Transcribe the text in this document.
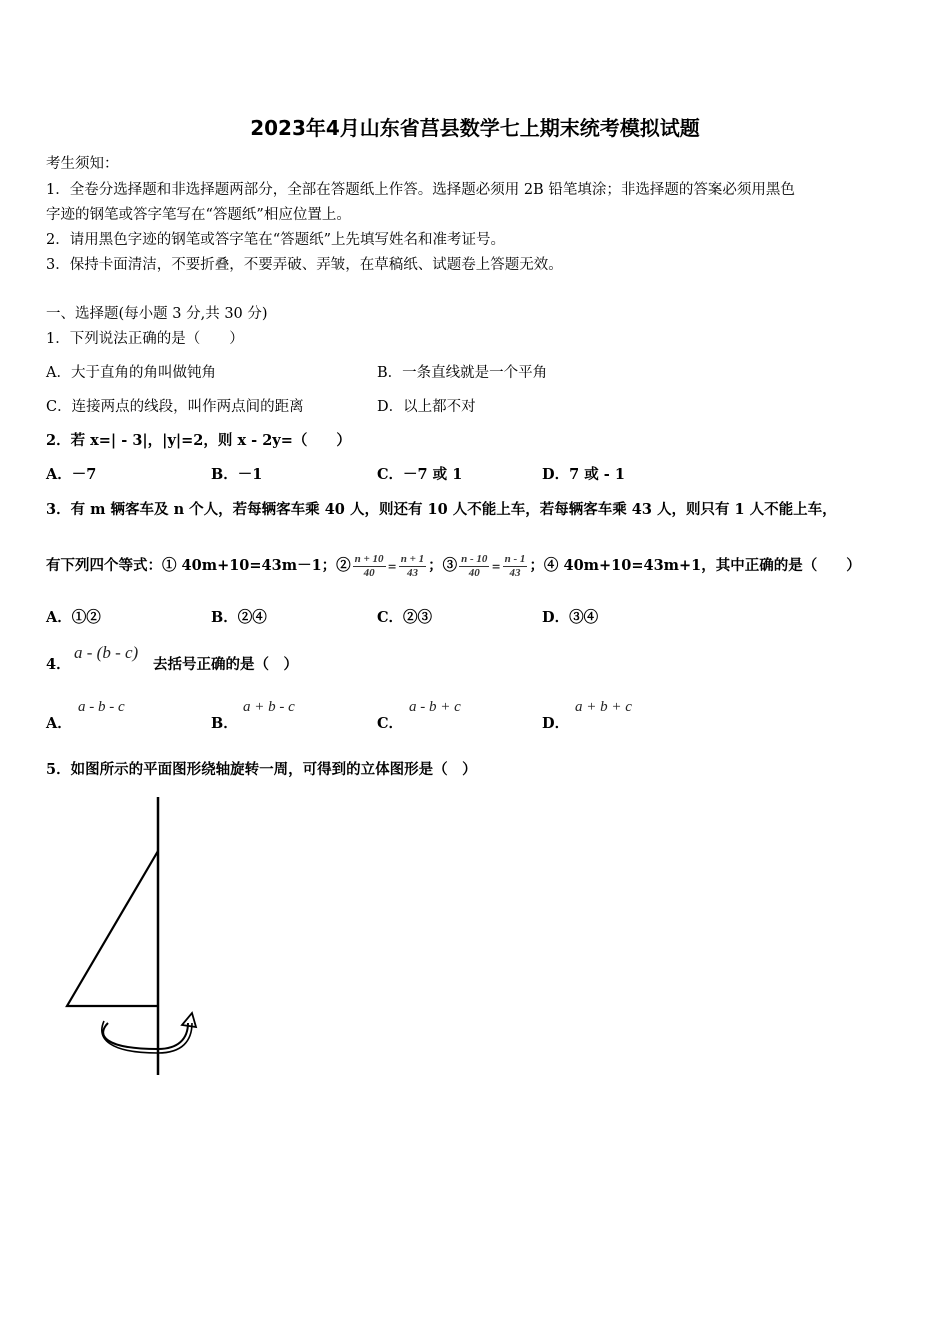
2023年4月山东省莒县数学七上期末统考模拟试题
考生须知：
1．全卷分选择题和非选择题两部分，全部在答题纸上作答。选择题必须用 2B 铅笔填涂；非选择题的答案必须用黑色
字迹的钢笔或答字笔写在“答题纸”相应位置上。
2．请用黑色字迹的钢笔或答字笔在“答题纸”上先填写姓名和准考证号。
3．保持卡面清洁，不要折叠，不要弄破、弄皱，在草稿纸、试题卷上答题无效。
一、选择题(每小题 3 分,共 30 分)
1．下列说法正确的是（　　）
A．大于直角的角叫做钝角	B．一条直线就是一个平角
C．连接两点的线段，叫作两点间的距离	D．以上都不对
2．若 x=| - 3|，|y|=2，则 x - 2y=（　　）
A．－7	B．－1	C．－7 或 1	D．7 或 - 1
3．有 m 辆客车及 n 个人，若每辆客车乘 40 人，则还有 10 人不能上车，若每辆客车乘 43 人，则只有 1 人不能上车，
有下列四个等式：① 40m+10=43m－1；② $\frac{n + 10}{40} = \frac{n + 1}{43}$ ；③ $\frac{n - 10}{40} = \frac{n - 1}{43}$ ；④ 40m+10=43m+1，其中正确的是（　　）
A．①②	B．②④	C．②③	D．③④
4．
a - (b - c)
去括号正确的是（　）
A．
a - b - c
B．
a + b - c
C．
a - b + c
D．
a + b + c
5．如图所示的平面图形绕轴旋转一周，可得到的立体图形是（　）
